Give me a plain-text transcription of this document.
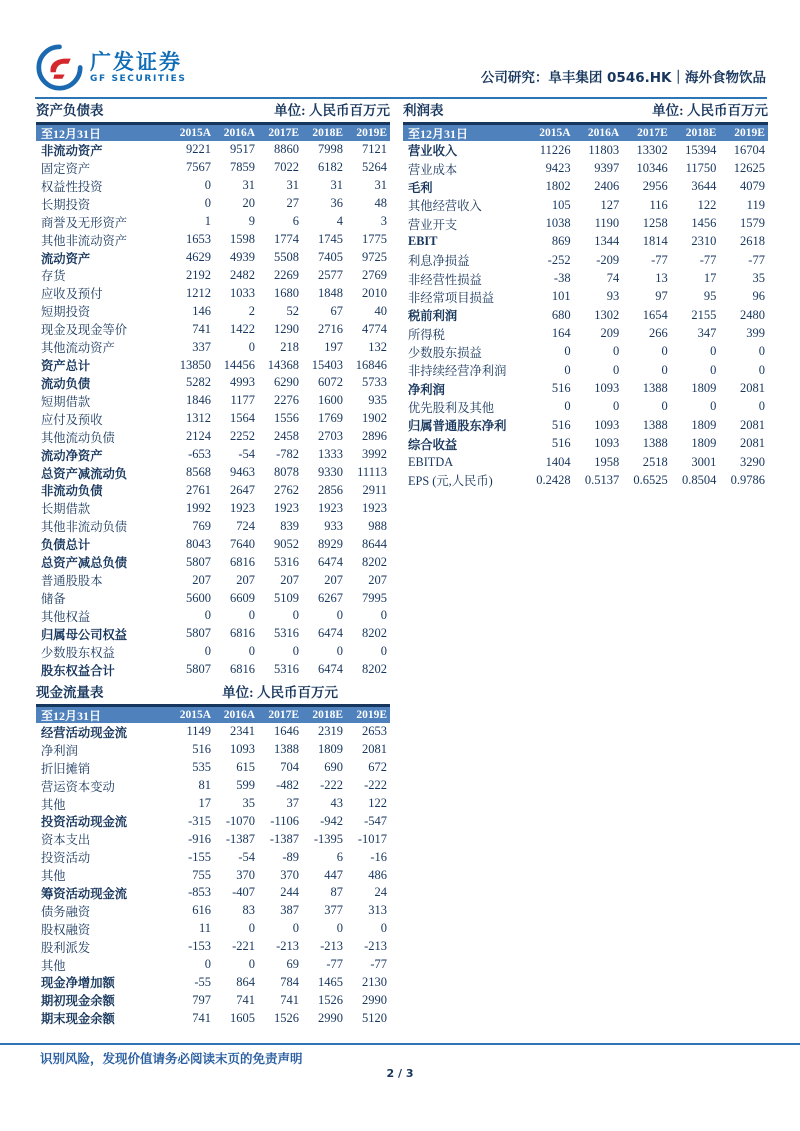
广发证券
GF SECURITIES	公司研究：阜丰集团 0546.HK｜海外食物饮品
资产负债表	单位: 人民币百万元
至12月31日	2015A	2016A	2017E	2018E	2019E
非流动资产	9221	9517	8860	7998	7121
固定资产	7567	7859	7022	6182	5264
权益性投资	0	31	31	31	31
长期投资	0	20	27	36	48
商誉及无形资产	1	9	6	4	3
其他非流动资产	1653	1598	1774	1745	1775
流动资产	4629	4939	5508	7405	9725
存货	2192	2482	2269	2577	2769
应收及预付	1212	1033	1680	1848	2010
短期投资	146	2	52	67	40
现金及现金等价	741	1422	1290	2716	4774
其他流动资产	337	0	218	197	132
资产总计	13850	14456	14368	15403	16846
流动负债	5282	4993	6290	6072	5733
短期借款	1846	1177	2276	1600	935
应付及预收	1312	1564	1556	1769	1902
其他流动负债	2124	2252	2458	2703	2896
流动净资产	-653	-54	-782	1333	3992
总资产减流动负	8568	9463	8078	9330	11113
非流动负债	2761	2647	2762	2856	2911
长期借款	1992	1923	1923	1923	1923
其他非流动负债	769	724	839	933	988
负债总计	8043	7640	9052	8929	8644
总资产减总负债	5807	6816	5316	6474	8202
普通股股本	207	207	207	207	207
储备	5600	6609	5109	6267	7995
其他权益	0	0	0	0	0
归属母公司权益	5807	6816	5316	6474	8202
少数股东权益	0	0	0	0	0
股东权益合计	5807	6816	5316	6474	8202
利润表	单位: 人民币百万元
至12月31日	2015A	2016A	2017E	2018E	2019E
营业收入	11226	11803	13302	15394	16704
营业成本	9423	9397	10346	11750	12625
毛利	1802	2406	2956	3644	4079
其他经营收入	105	127	116	122	119
营业开支	1038	1190	1258	1456	1579
EBIT	869	1344	1814	2310	2618
利息净损益	-252	-209	-77	-77	-77
非经营性损益	-38	74	13	17	35
非经常项目损益	101	93	97	95	96
税前利润	680	1302	1654	2155	2480
所得税	164	209	266	347	399
少数股东损益	0	0	0	0	0
非持续经营净利润	0	0	0	0	0
净利润	516	1093	1388	1809	2081
优先股利及其他	0	0	0	0	0
归属普通股东净利	516	1093	1388	1809	2081
综合收益	516	1093	1388	1809	2081
EBITDA	1404	1958	2518	3001	3290
EPS (元,人民币)	0.2428	0.5137	0.6525	0.8504	0.9786
现金流量表	单位: 人民币百万元
至12月31日	2015A	2016A	2017E	2018E	2019E
经营活动现金流	1149	2341	1646	2319	2653
净利润	516	1093	1388	1809	2081
折旧摊销	535	615	704	690	672
营运资本变动	81	599	-482	-222	-222
其他	17	35	37	43	122
投资活动现金流	-315	-1070	-1106	-942	-547
资本支出	-916	-1387	-1387	-1395	-1017
投资活动	-155	-54	-89	6	-16
其他	755	370	370	447	486
筹资活动现金流	-853	-407	244	87	24
债务融资	616	83	387	377	313
股权融资	11	0	0	0	0
股利派发	-153	-221	-213	-213	-213
其他	0	0	69	-77	-77
现金净增加额	-55	864	784	1465	2130
期初现金余额	797	741	741	1526	2990
期末现金余额	741	1605	1526	2990	5120
识别风险，发现价值请务必阅读末页的免责声明
2 / 3
